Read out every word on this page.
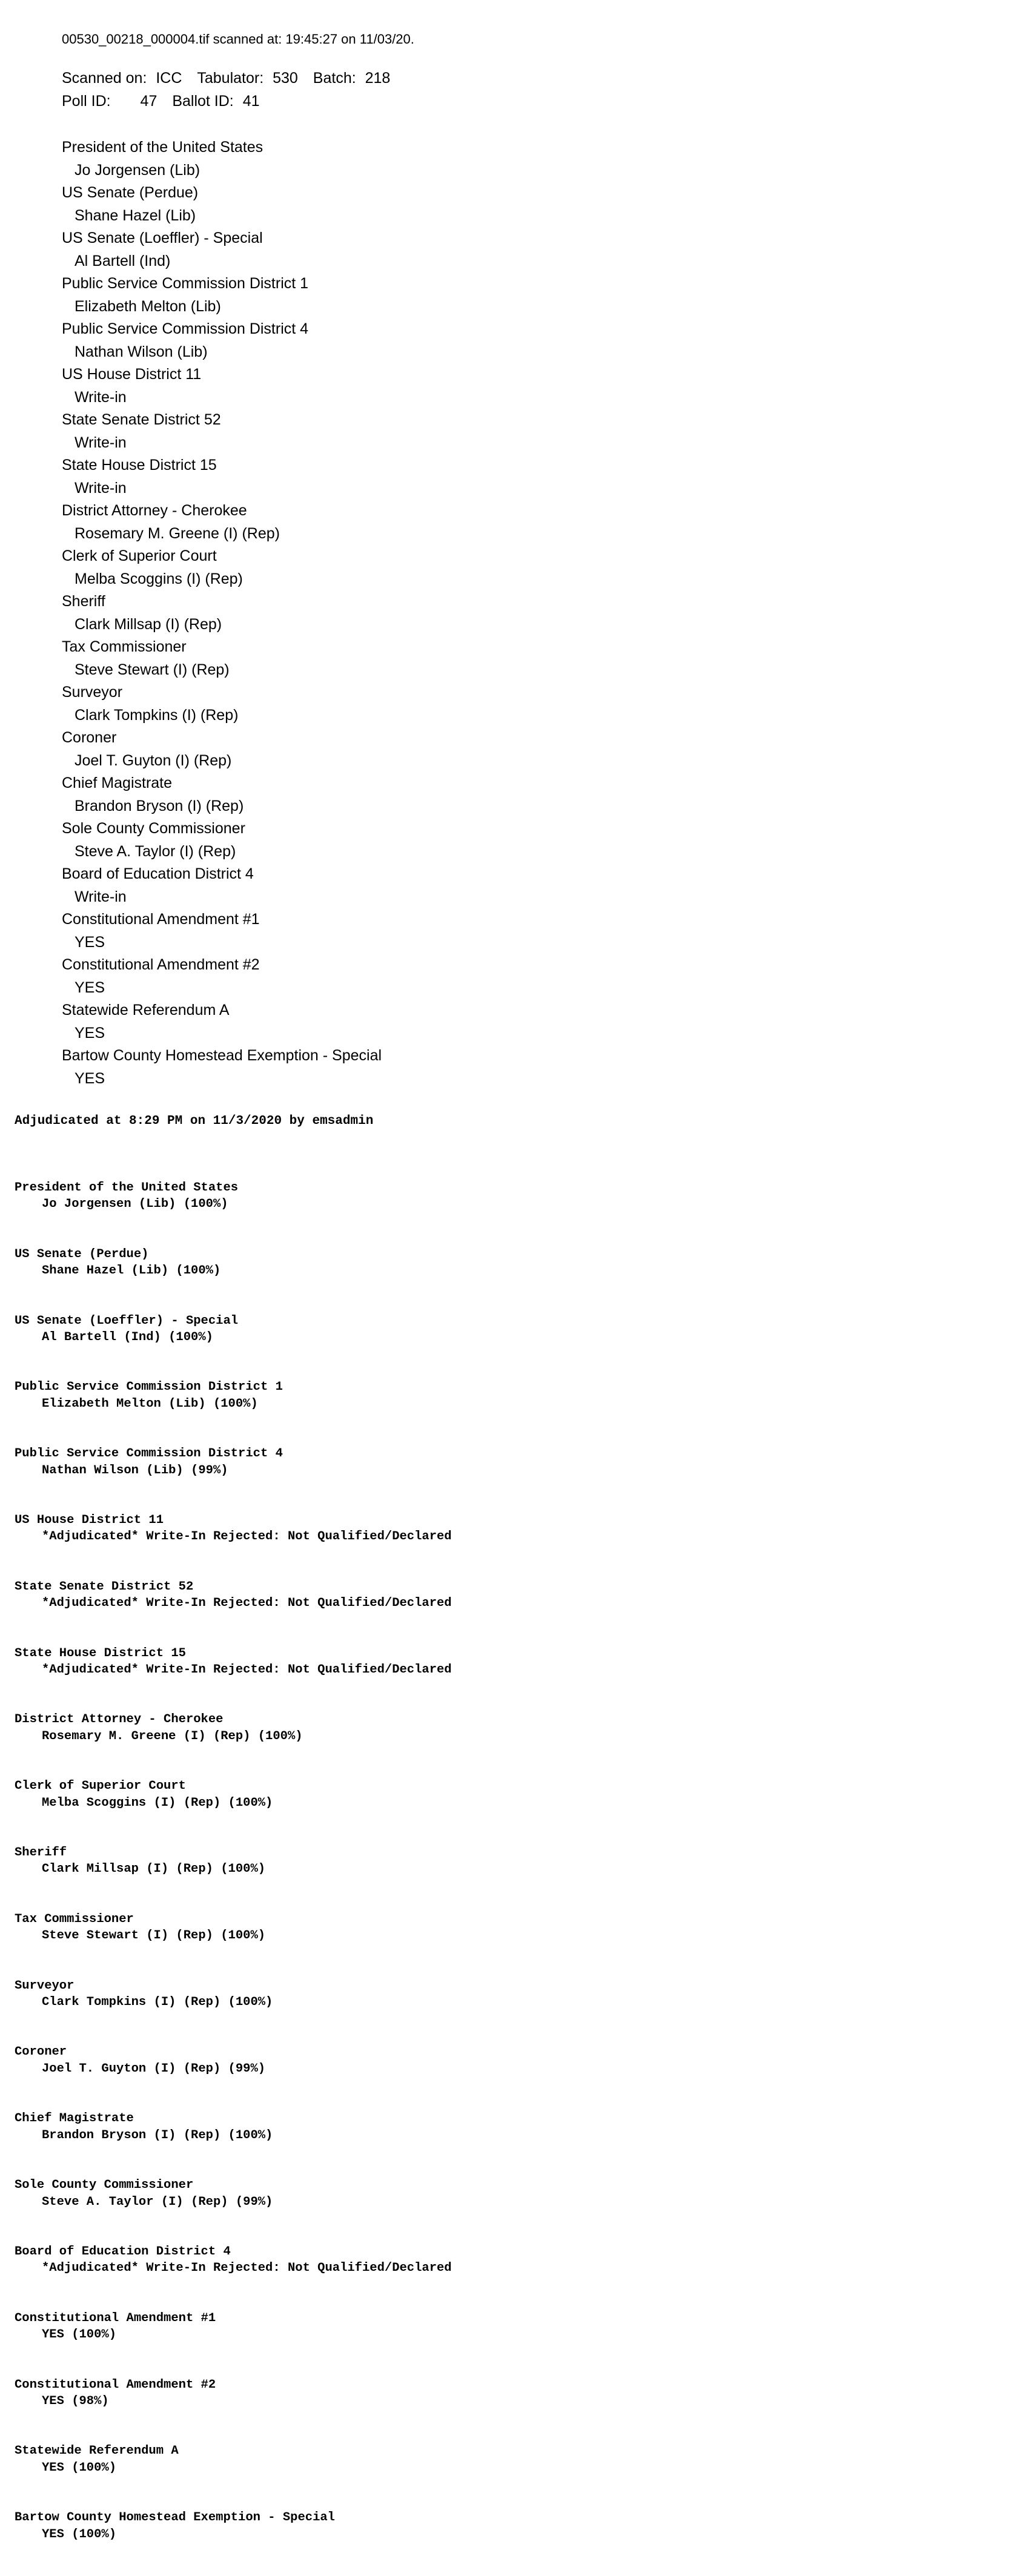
00530_00218_000004.tif scanned at: 19:45:27 on 11/03/20.
Scanned on: ICC Tabulator: 530 Batch: 218
Poll ID: 47 Ballot ID: 41
President of the United States
Jo Jorgensen (Lib)
US Senate (Perdue)
Shane Hazel (Lib)
US Senate (Loeffler) - Special
Al Bartell (Ind)
Public Service Commission District 1
Elizabeth Melton (Lib)
Public Service Commission District 4
Nathan Wilson (Lib)
US House District 11
Write-in
State Senate District 52
Write-in
State House District 15
Write-in
District Attorney - Cherokee
Rosemary M. Greene (I) (Rep)
Clerk of Superior Court
Melba Scoggins (I) (Rep)
Sheriff
Clark Millsap (I) (Rep)
Tax Commissioner
Steve Stewart (I) (Rep)
Surveyor
Clark Tompkins (I) (Rep)
Coroner
Joel T. Guyton (I) (Rep)
Chief Magistrate
Brandon Bryson (I) (Rep)
Sole County Commissioner
Steve A. Taylor (I) (Rep)
Board of Education District 4
Write-in
Constitutional Amendment #1
YES
Constitutional Amendment #2
YES
Statewide Referendum A
YES
Bartow County Homestead Exemption - Special
YES
Adjudicated at 8:29 PM on 11/3/2020 by emsadmin

President of the United States
Jo Jorgensen (Lib) (100%)

US Senate (Perdue)
Shane Hazel (Lib) (100%)

US Senate (Loeffler) - Special
Al Bartell (Ind) (100%)

Public Service Commission District 1
Elizabeth Melton (Lib) (100%)

Public Service Commission District 4
Nathan Wilson (Lib) (99%)

US House District 11
*Adjudicated* Write-In Rejected: Not Qualified/Declared

State Senate District 52
*Adjudicated* Write-In Rejected: Not Qualified/Declared

State House District 15
*Adjudicated* Write-In Rejected: Not Qualified/Declared

District Attorney - Cherokee
Rosemary M. Greene (I) (Rep) (100%)

Clerk of Superior Court
Melba Scoggins (I) (Rep) (100%)

Sheriff
Clark Millsap (I) (Rep) (100%)

Tax Commissioner
Steve Stewart (I) (Rep) (100%)

Surveyor
Clark Tompkins (I) (Rep) (100%)

Coroner
Joel T. Guyton (I) (Rep) (99%)

Chief Magistrate
Brandon Bryson (I) (Rep) (100%)

Sole County Commissioner
Steve A. Taylor (I) (Rep) (99%)

Board of Education District 4
*Adjudicated* Write-In Rejected: Not Qualified/Declared

Constitutional Amendment #1
YES (100%)

Constitutional Amendment #2
YES (98%)

Statewide Referendum A
YES (100%)

Bartow County Homestead Exemption - Special
YES (100%)
